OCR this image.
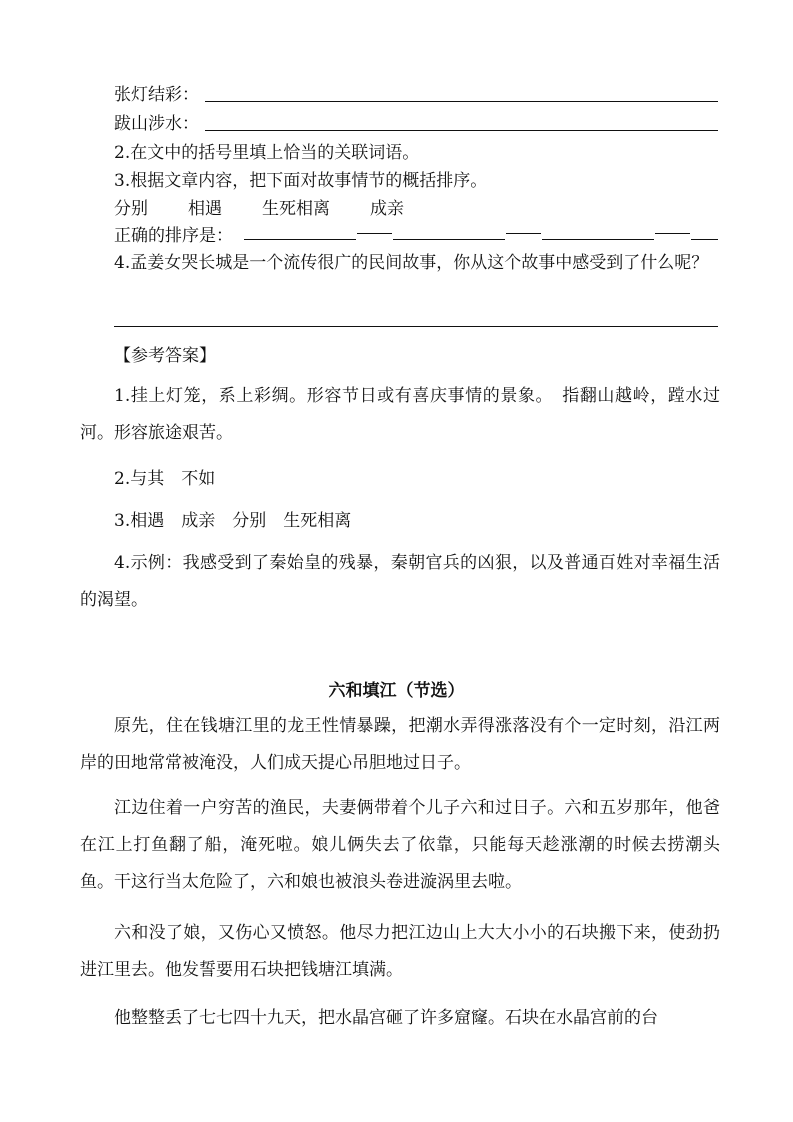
张灯结彩：
跋山涉水：
2.在文中的括号里填上恰当的关联词语。
3.根据文章内容，把下面对故事情节的概括排序。
分别 相遇 生死相离 成亲
正确的排序是：
4.孟姜女哭长城是一个流传很广的民间故事，你从这个故事中感受到了什么呢？
【参考答案】
1.挂上灯笼，系上彩绸。形容节日或有喜庆事情的景象。　指翻山越岭，蹚水过河。形容旅途艰苦。
2.与其　不如
3.相遇　成亲　分别　生死相离
4.示例：我感受到了秦始皇的残暴，秦朝官兵的凶狠，以及普通百姓对幸福生活的渴望。
六和填江（节选）
原先，住在钱塘江里的龙王性情暴躁，把潮水弄得涨落没有个一定时刻，沿江两岸的田地常常被淹没，人们成天提心吊胆地过日子。
江边住着一户穷苦的渔民，夫妻俩带着个儿子六和过日子。六和五岁那年，他爸在江上打鱼翻了船，淹死啦。娘儿俩失去了依靠，只能每天趁涨潮的时候去捞潮头鱼。干这行当太危险了，六和娘也被浪头卷进漩涡里去啦。
六和没了娘，又伤心又愤怒。他尽力把江边山上大大小小的石块搬下来，使劲扔进江里去。他发誓要用石块把钱塘江填满。
他整整丢了七七四十九天，把水晶宫砸了许多窟窿。石块在水晶宫前的台
